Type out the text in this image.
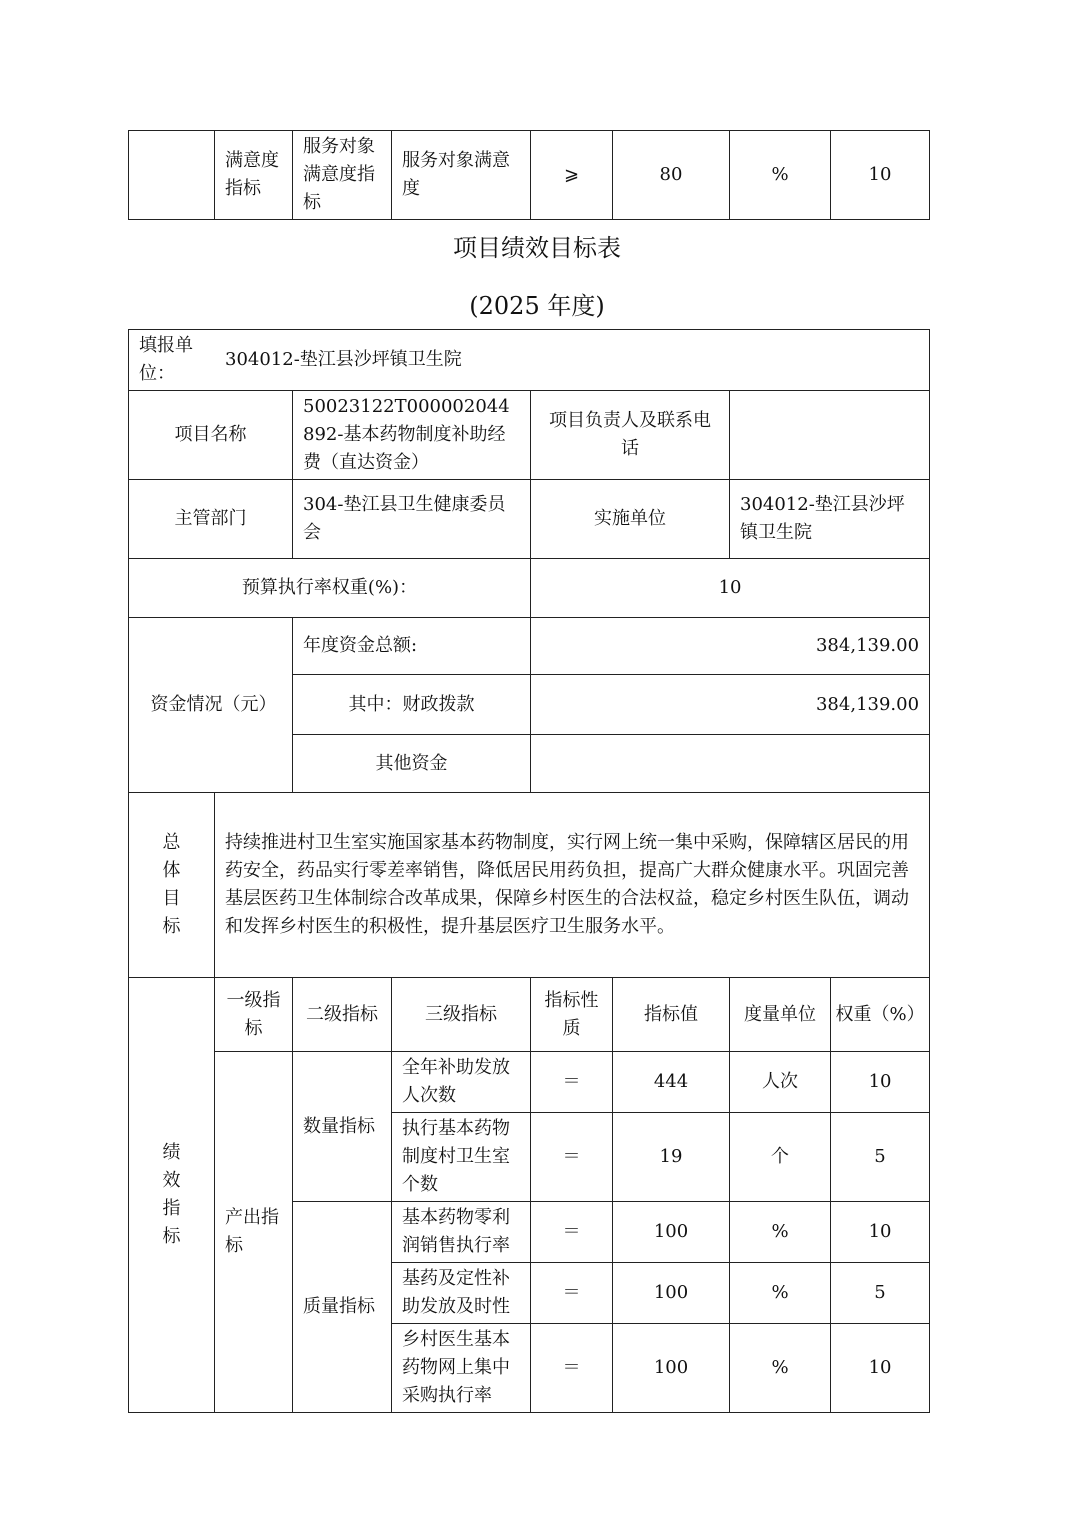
	满意度指标	服务对象满意度指标	服务对象满意度	⩾	80	%	10
项目绩效目标表
(2025 年度)
填报单位：
304012-垫江县沙坪镇卫生院							

项目名称		50023122T000002044892-基本药物制度补助经费（直达资金）		项目负责人及联系电话			
主管部门		304-垫江县卫生健康委员会		实施单位		304012-垫江县沙坪镇卫生院	
预算执行率权重(%)：				10			

资金情况（元）		年度资金总额:		384,139.00			
		其中：财政拨款		384,139.00			
		其他资金					

总体目标	持续推进村卫生室实施国家基本药物制度，实行网上统一集中采购，保障辖区居民的用药安全，药品实行零差率销售，降低居民用药负担，提高广大群众健康水平。巩固完善基层医药卫生体制综合改革成果，保障乡村医生的合法权益，稳定乡村医生队伍，调动和发挥乡村医生的积极性，提升基层医疗卫生服务水平。						

绩效指标	一级指标	二级指标	三级指标	指标性质	指标值	度量单位	权重（%）
	产出指标	数量指标	全年补助发放人次数	＝	444	人次	10
			执行基本药物制度村卫生室个数	＝	19	个	5
		质量指标	基本药物零利润销售执行率	＝	100	%	10
			基药及定性补助发放及时性	＝	100	%	5
			乡村医生基本药物网上集中采购执行率	＝	100	%	10
